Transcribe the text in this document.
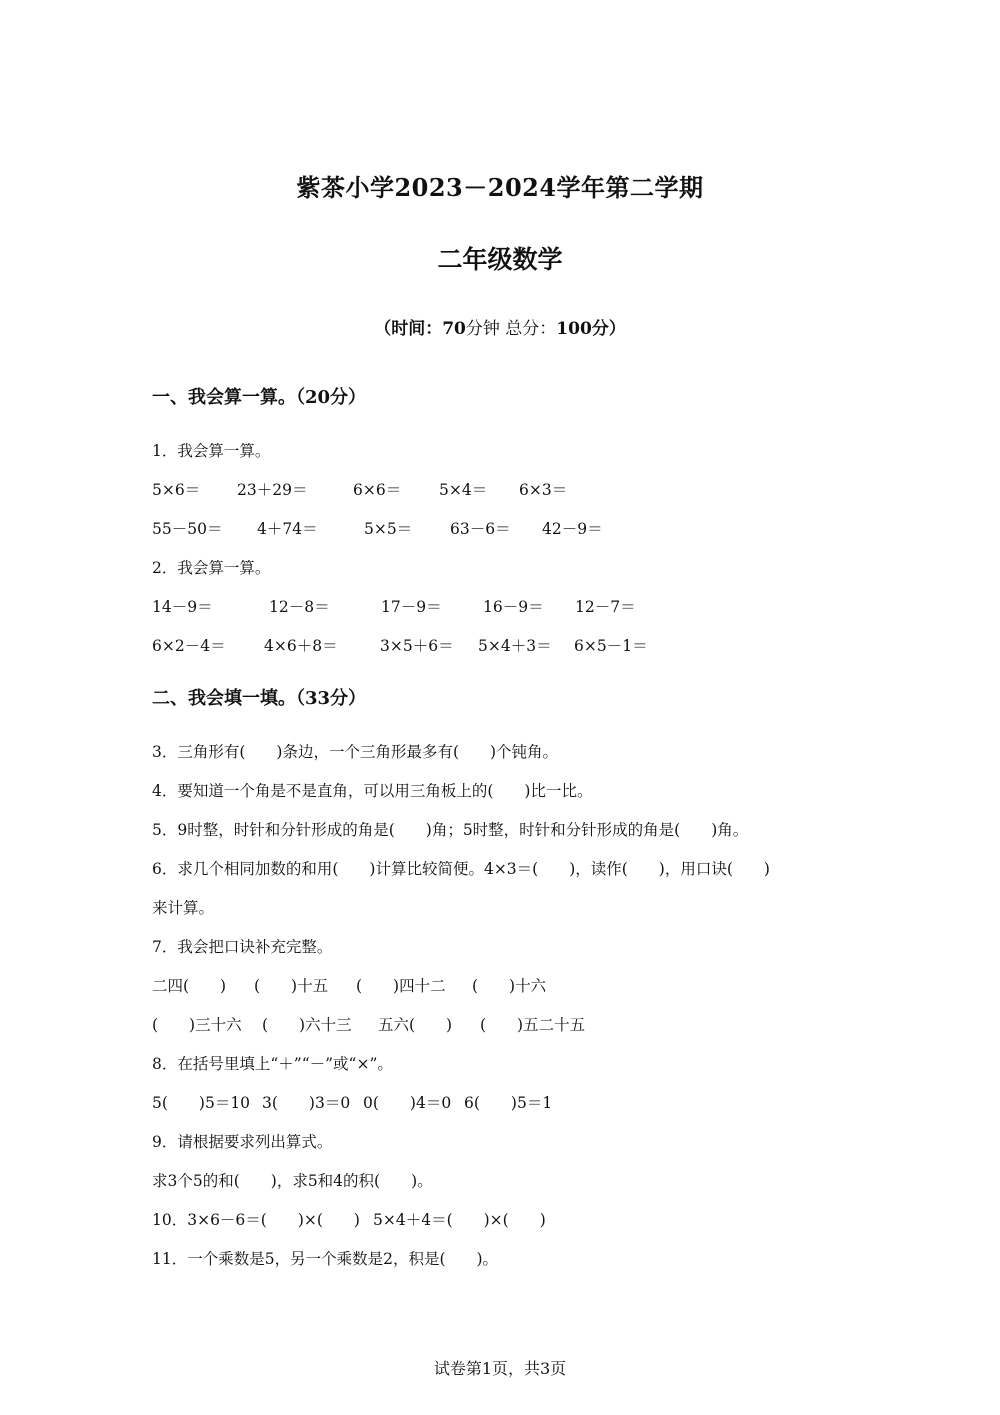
紫茶小学2023－2024学年第二学期
二年级数学
（时间：70分钟 总分：100分）
一、我会算一算。（20分）
1．我会算一算。
5×6＝ 23＋29＝	6×6＝ 5×4＝ 6×3＝
55－50＝ 4＋74＝	5×5＝ 63－6＝ 42－9＝
2．我会算一算。
14－9＝	12－8＝	17－9＝	16－9＝ 12－7＝
6×2－4＝ 4×6＋8＝	3×5＋6＝ 5×4＋3＝ 6×5－1＝
二、我会填一填。（33分）
3．三角形有(　　)条边，一个三角形最多有(　　)个钝角。
4．要知道一个角是不是直角，可以用三角板上的(　　)比一比。
5．9时整，时针和分针形成的角是(　　)角；5时整，时针和分针形成的角是(　　)角。
6．求几个相同加数的和用(　　)计算比较简便。4×3＝(　　)，读作(　　)，用口诀(　　)
来计算。
7．我会把口诀补充完整。
二四(　　) (　　)十五 (　　)四十二 (　　)十六
(　　)三十六 (　　)六十三 五六(　　) (　　)五二十五
8．在括号里填上“＋”“－”或“×”。
5(　　)5＝10 3(　　)3＝0 0(　　)4＝0 6(　　)5＝1
9．请根据要求列出算式。
求3个5的和(　　)，求5和4的积(　　)。
10．3×6－6＝(　　)×(　　) 5×4＋4＝(　　)×(　　)
11．一个乘数是5，另一个乘数是2，积是(　　)。
试卷第1页，共3页
